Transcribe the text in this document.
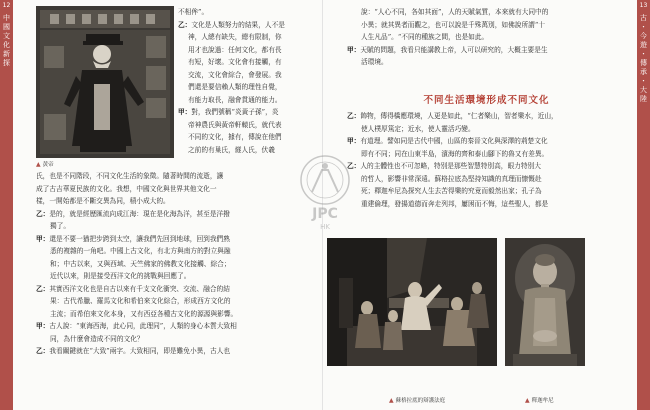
12
中國文化新探
▲ 黃帝

不相侔”。

乙：文化是人類努力的結果，人不是

神，人總有缺失，總有限制，你

用才也說過：任何文化，都有長

有短，好壞。文化會有接觸，有

交流，文化會綜合，會發展。我

們還是要信賴人類的理性自覺，

有能力取長，融會貫通的能力。

甲：對，我們號稱“炎黃子孫”，炎

帝神農氏與黃帝軒轅氏，就代表

不同的文化，據有，傳說在他們

之前的有巢氏，燧人氏，伏羲

氏，也是不同階段，不同文化生活的象徵。隨著時間的流逝，讓

成了古吉華夏民族的文化。我想，中國文化與世界其他文化一

樣，一開始都是不斷交異為同，積小成大的。

乙：是的，就是經歷匯流向成江海：現在是化海為洋，甚至是洋撥

獨了。

甲：還是不要一猶把步跨到太空，讓我們先回到地球，回到我們熟

悉的複雜的一角吧。中國上古文化，有北方與南方的對立與融

和；中古以來，又與西域、天竺佛家的佛教文化接觸、綜合；

近代以來，則是接受西洋文化的挑戰與回應了。

乙：其實西洋文化也是自古以來有千支文化衝突、交流、融合的結

果：古代希臘、羅馬文化和希伯來文化綜合，形成西方文化的

主流；而希伯來文化本身，又有西亞各種古文化的源源與影響。

甲：古人說：“東海西海，此心同，此理同”，人類的身心本質大致相

同，為什麼會造成不同的文化？

乙：我看關鍵就在“大致”兩字。大致相同，即是難免小異，古人也

13
古・今遊・傳承・大陸

說：“人心不同，各如其面”，人的天賦氣質，本來就有大同中的

小異；就其異者而觀之，也可以說是千殊萬別，如佛說所謂“十

人生凡品”。“不同的種族之間，也是如此。

甲：天賦的問題，我看只能講教上帝，人可以研究的，大概主要是生

活環境。

不同生活環境形成不同文化

乙：飾物，傳得橋應環境，人更是如此，“仁者樂山，智者樂水，近山，

使人樸厚篤定；近水，使人靈活巧變。

甲：有道理。譬如同是古代中國，山區的秦晉文化與深澤的荊楚文化

即有不同；同在山東半島，濱海的齊和泰山腳下的魯又有差異。

乙：人的主體性也不可忽略，特別是那些智慧特別高，眼力特別大

的哲人，影響非常深遠。蘇格拉底為堅持知識的真理而慷慨赴

死；釋迦牟尼為探究人生去苦得樂的究竟而毅然出家；孔子為

重建倫理，發揚道德而奔走列邦，屢困而不悔，這些聖人，都是

▲ 蘇格拉底的辯護法庭	▲ 釋迦牟尼
JPC
HK
